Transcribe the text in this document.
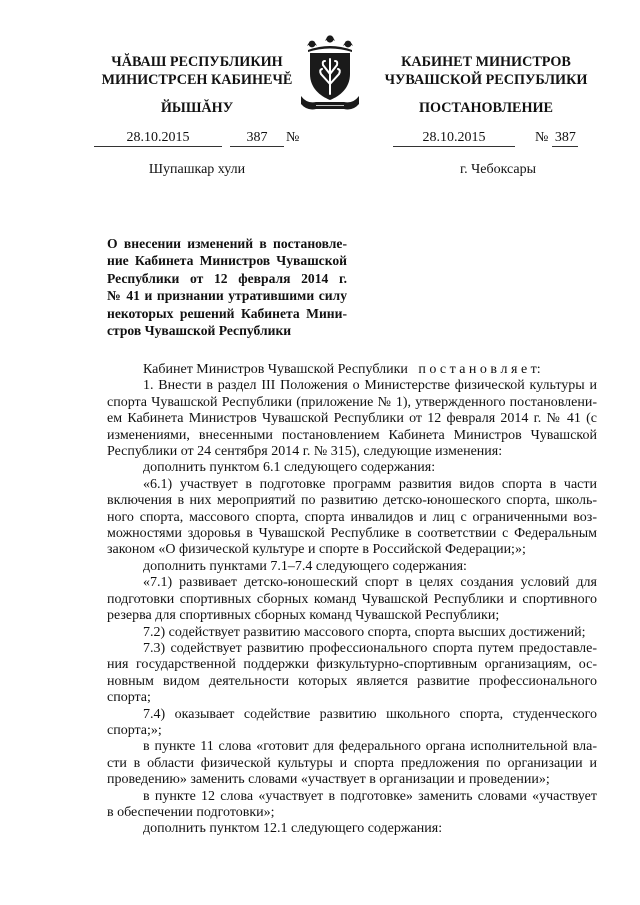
ЧĂВАШ РЕСПУБЛИКИН
МИНИСТРСЕН КАБИНЕЧĔ
ЙЫШĂНУ
КАБИНЕТ МИНИСТРОВ
ЧУВАШСКОЙ РЕСПУБЛИКИ
ПОСТАНОВЛЕНИЕ
28.10.2015	387 №	28.10.2015	№ 387
Шупашкар хули	г. Чебоксары
О внесении изменений в постановле-
ние Кабинета Министров Чувашской
Республики от 12 февраля 2014 г.
№ 41 и признании утратившими силу
некоторых решений Кабинета Мини-
стров Чувашской Республики
Кабинет Министров Чувашской Республики   п о с т а н о в л я е т:
1. Внести в раздел III Положения о Министерстве физической культуры и
спорта Чувашской Республики (приложение № 1), утвержденного постановлени-
ем Кабинета Министров Чувашской Республики от 12 февраля 2014 г. № 41 (с
изменениями, внесенными постановлением Кабинета Министров Чувашской
Республики от 24 сентября 2014 г. № 315), следующие изменения:
дополнить пунктом 6.1 следующего содержания:
«6.1) участвует в подготовке программ развития видов спорта в части
включения в них мероприятий по развитию детско-юношеского спорта, школь-
ного спорта, массового спорта, спорта инвалидов и лиц с ограниченными воз-
можностями здоровья в Чувашской Республике в соответствии с Федеральным
законом «О физической культуре и спорте в Российской Федерации;»;
дополнить пунктами 7.1–7.4 следующего содержания:
«7.1) развивает детско-юношеский спорт в целях создания условий для
подготовки спортивных сборных команд Чувашской Республики и спортивного
резерва для спортивных сборных команд Чувашской Республики;
7.2) содействует развитию массового спорта, спорта высших достижений;
7.3) содействует развитию профессионального спорта путем предоставле-
ния государственной поддержки физкультурно-спортивным организациям, ос-
новным видом деятельности которых является развитие профессионального
спорта;
7.4) оказывает содействие развитию школьного спорта, студенческого
спорта;»;
в пункте 11 слова «готовит для федерального органа исполнительной вла-
сти в области физической культуры и спорта предложения по организации и
проведению» заменить словами «участвует в организации и проведении»;
в пункте 12 слова «участвует в подготовке» заменить словами «участвует
в обеспечении подготовки»;
дополнить пунктом 12.1 следующего содержания:
